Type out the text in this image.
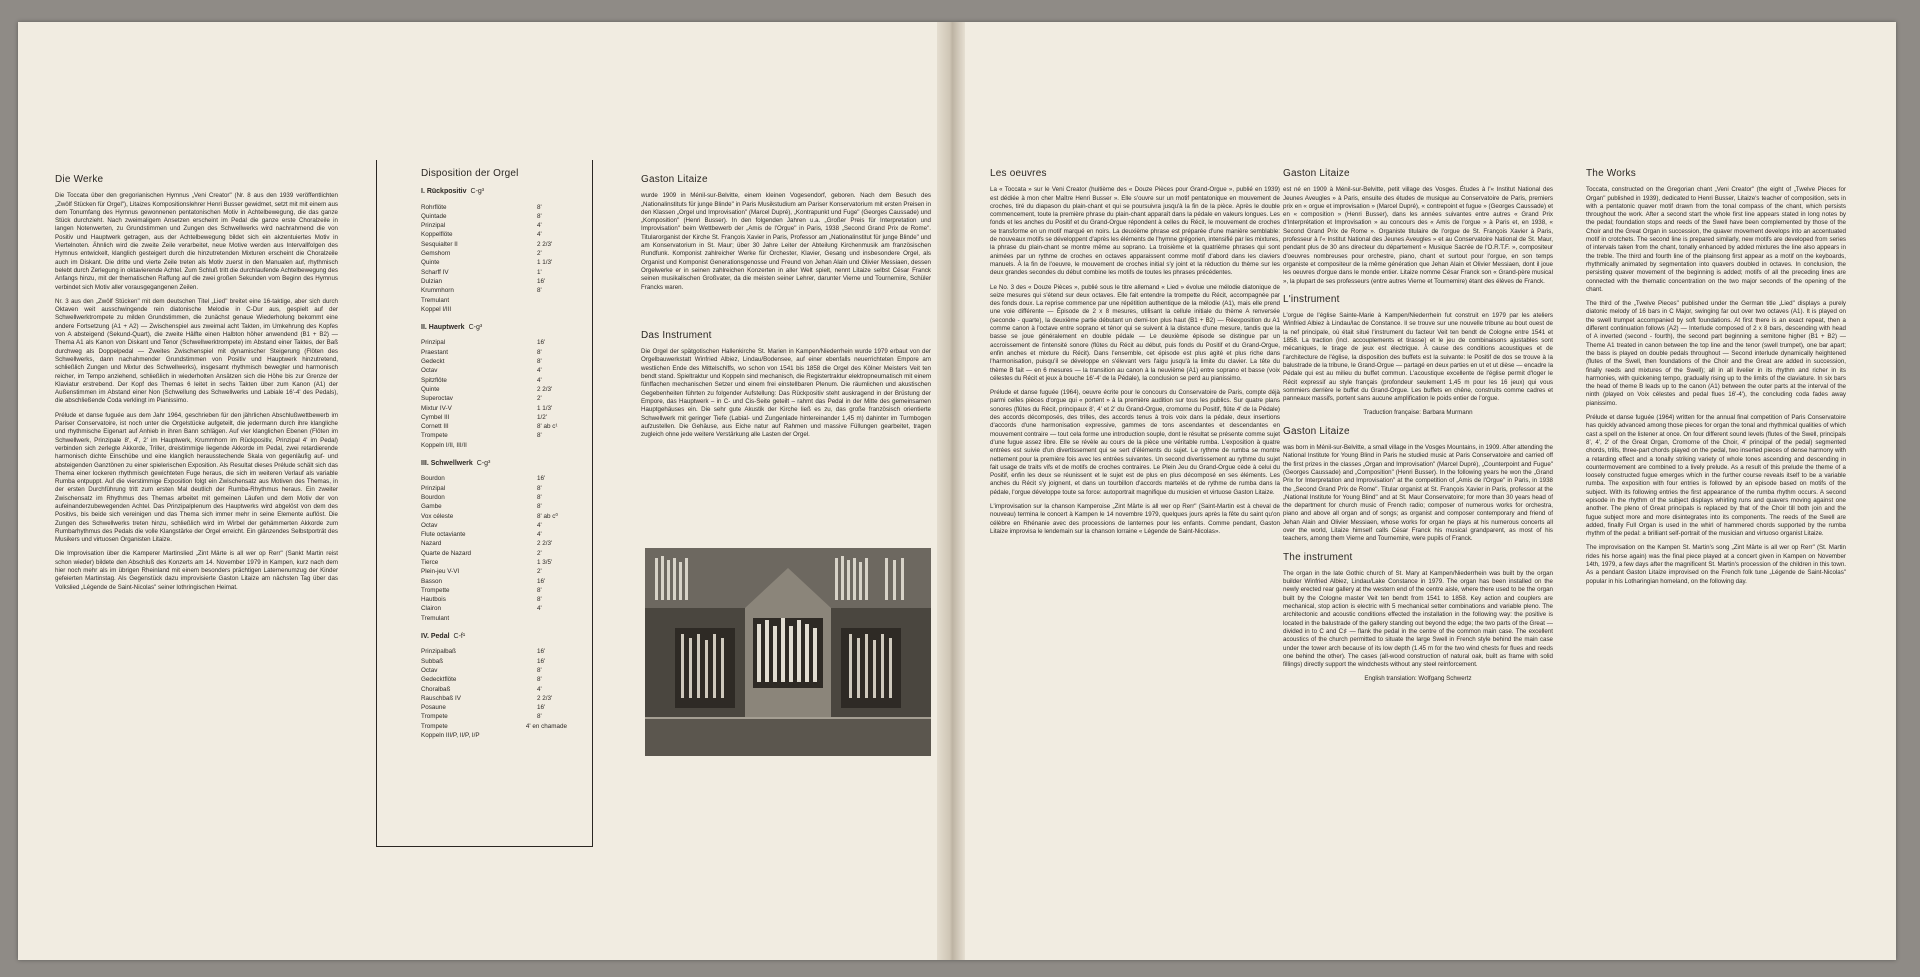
Die Werke

Die Toccata über den gregorianischen Hymnus „Veni Creator" (Nr. 8 aus den 1939 veröffentlichten „Zwölf Stücken für Orgel"), Litaizes Kompositionslehrer Henri Busser gewidmet, setzt mit mit einem aus dem Tonumfang des Hymnus gewonnenen pentatonischen Motiv in Achtelbewegung, die das ganze Stück durchzieht. Nach zweimaligem Ansetzen erscheint im Pedal die ganze erste Choralzeile in langen Notenwerten, zu Grundstimmen und Zungen des Schwellwerks wird nachrahmend die von Positiv und Hauptwerk getragen, aus der Achtelbewegung bildet sich ein akzentuiertes Motiv in Viertelnoten. Ähnlich wird die zweite Zeile verarbeitet, neue Motive werden aus Intervallfolgen des Hymnus entwickelt, klanglich gesteigert durch die hinzutretenden Mixturen erscheint die Choralzeile auch im Diskant. Die dritte und vierte Zeile treten als Motiv zuerst in den Manualen auf, rhythmisch belebt durch Zerlegung in oktavierende Achtel. Zum Schluß tritt die durchlaufende Achtelbewegung des Anfangs hinzu, mit der thematischen Raffung auf die zwei großen Sekunden vom Beginn des Hymnus verbindet sich Motiv aller vorausgegangenen Zeilen.

Nr. 3 aus den „Zwölf Stücken" mit dem deutschen Titel „Lied" breitet eine 16-taktige, aber sich durch Oktaven weit ausschwingende rein diatonische Melodie in C-Dur aus, gespielt auf der Schwellwerktrompete zu milden Grundstimmen, die zunächst genaue Wiederholung bekommt eine andere Fortsetzung (A1 + A2) — Zwischenspiel aus zweimal acht Takten, im Umkehrung des Kopfes von A absteigend (Sekund-Quart), die zweite Hälfte einen Halbton höher anwendend (B1 + B2) — Thema A1 als Kanon von Diskant und Tenor (Schwellwerktrompete) im Abstand einer Taktes, der Baß durchweg als Doppelpedal — Zweites Zwischenspiel mit dynamischer Steigerung (Flöten des Schwellwerks, dann nachahmender Grundstimmen von Positiv und Hauptwerk hinzutretend, schließlich Zungen und Mixtur des Schwellwerks), insgesamt rhythmisch bewegter und harmonisch reicher, im Tempo anziehend, schließlich in wiederholten Ansätzen sich die Höhe bis zur Grenze der Klaviatur erstrebend. Der Kopf des Themas 6 leitet in sechs Takten über zum Kanon (A1) der Außenstimmen im Abstand einer Non (Schwellung des Schwellwerks und Labiale 16'-4' des Pedals), die abschließende Coda verklingt im Pianissimo.

Prélude et danse fuguée aus dem Jahr 1964, geschrieben für den jährlichen Abschlußwettbewerb im Pariser Conservatoire, ist noch unter die Orgelstücke aufgeteilt, die jedermann durch ihre klangliche und rhythmische Eigenart auf Anhieb in ihren Bann schlägen. Auf vier klanglichen Ebenen (Flöten im Schwellwerk, Prinzipale 8', 4', 2' im Hauptwerk, Krummhorn im Rückpositiv, Prinzipal 4' im Pedal) verbinden sich zerlegte Akkorde, Triller, dreistimmige liegende Akkorde im Pedal, zwei retardierende harmonisch dichte Einschübe und eine klanglich herausstechende Skala von gegenläufig auf- und absteigenden Ganztönen zu einer spielerischen Exposition. Als Resultat dieses Prélude schält sich das Thema einer lockeren rhythmisch gewichteten Fuge heraus, die sich im weiteren Verlauf als variable Rumba entpuppt. Auf die vierstimmige Exposition folgt ein Zwischensatz aus Motiven des Themas, in der ersten Durchführung tritt zum ersten Mal deutlich der Rumba-Rhythmus heraus. Ein zweiter Zwischensatz im Rhythmus des Themas arbeitet mit gemeinen Läufen und dem Motiv der von aufeinanderzubewegenden Achtel. Das Prinzipalplenum des Hauptwerks wird abgelöst von dem des Positivs, bis beide sich vereinigen und das Thema sich immer mehr in seine Elemente auflöst. Die Zungen des Schwellwerks treten hinzu, schließlich wird im Wirbel der gehämmerten Akkorde zum Rumbarhythmus des Pedals die volle Klangstärke der Orgel erreicht. Ein glänzendes Selbstporträt des Musikers und virtuosen Organisten Litaize.

Die Improvisation über die Kamperer Martinslied „Zint Märte is all wer op Rerr" (Sankt Martin reist schon wieder) bildete den Abschluß des Konzerts am 14. November 1979 in Kampen, kurz nach dem hier noch mehr als im übrigen Rheinland mit einem besonders prächtigen Laternenumzug der Kinder gefeierten Martinstag. Als Gegenstück dazu improvisierte Gaston Litaize am nächsten Tag über das Volkslied „Légende de Saint-Nicolas" seiner lothringischen Heimat.

Disposition der Orgel
I. Rückpositiv C-g³
Rohrflöte	8'
Quintade	8'
Prinzipal	4'
Koppelflöte	4'
Sesquialter II	2 2/3'
Gemshorn	2'
Quinte	1 1/3'
Scharff IV	1'
Dulzian	16'
Krummhorn	8'
Tremulant
Koppel I/III
II. Hauptwerk C-g³
Prinzipal	16'
Praestant	8'
Gedeckt	8'
Octav	4'
Spitzflöte	4'
Quinte	2 2/3'
Superoctav	2'
Mixtur IV-V	1 1/3'
Cymbel III	1/2'
Cornett III	8' ab c¹
Trompete	8'
Koppeln I/II, III/II
III. Schwellwerk C-g³
Bourdon	16'
Prinzipal	8'
Bourdon	8'
Gambe	8'
Vox céleste	8' ab c⁰
Octav	4'
Flute octaviante	4'
Nazard	2 2/3'
Quarte de Nazard	2'
Tierce	1 3/5'
Plein-jeu V-VI	2'
Basson	16'
Trompette	8'
Hautbois	8'
Clairon	4'
Tremulant
IV. Pedal C-f¹
Prinzipalbaß	16'
Subbaß	16'
Octav	8'
Gedecktflöte	8'
Choralbaß	4'
Rauschbaß IV	2 2/3'
Posaune	16'
Trompete	8'
Trompete	4' en chamade
Koppeln III/P, II/P, I/P
Gaston Litaize

wurde 1909 in Ménil-sur-Belvitte, einem kleinen Vogesendorf, geboren. Nach dem Besuch des „Nationalinstituts für junge Blinde" in Paris Musikstudium am Pariser Konservatorium mit ersten Preisen in den Klassen „Orgel und Improvisation" (Marcel Dupré), „Kontrapunkt und Fuge" (Georges Caussade) und „Komposition" (Henri Busser). In den folgenden Jahren u.a. „Großer Preis für Interpretation und Improvisation" beim Wettbewerb der „Amis de l'Orgue" in Paris, 1938 „Second Grand Prix de Rome". Titularorganist der Kirche St. François Xavier in Paris, Professor am „Nationalinstitut für junge Blinde" und am Konservatorium in St. Maur; über 30 Jahre Leiter der Abteilung Kirchenmusik am französischen Rundfunk. Komponist zahlreicher Werke für Orchester, Klavier, Gesang und insbesondere Orgel, als Organist und Komponist Generationsgenosse und Freund von Jehan Alain und Olivier Messiaen, dessen Orgelwerke er in seinen zahlreichen Konzerten in aller Welt spielt, nennt Litaize selbst César Franck seinen musikalischen Großvater, da die meisten seiner Lehrer, darunter Vierne und Tournemire, Schüler Francks waren.

Das Instrument

Die Orgel der spätgotischen Hallenkirche St. Marien in Kampen/Niederrhein wurde 1979 erbaut von der Orgelbauwerkstatt Winfried Albiez, Lindau/Bodensee, auf einer ebenfalls neuerrichteten Empore am westlichen Ende des Mittelschiffs, wo schon von 1541 bis 1858 die Orgel des Kölner Meisters Veit ten bendt stand. Spieltraktur und Koppeln sind mechanisch, die Registertraktur elektropneumatisch mit einem fünffachen mechanischen Setzer und einem frei einstellbaren Plenum. Die räumlichen und akustischen Gegebenheiten führten zu folgender Aufstellung: Das Rückpositiv steht auskragend in der Brüstung der Empore, das Hauptwerk – in C- und Cis-Seite geteilt – rahmt das Pedal in der Mitte des gemeinsamen Hauptgehäuses ein. Die sehr gute Akustik der Kirche ließ es zu, das große französisch orientierte Schwellwerk mit geringer Tiefe (Labial- und Zungenlade hintereinander 1,45 m) dahinter im Turmbogen aufzustellen. Die Gehäuse, aus Eiche natur auf Rahmen und massive Füllungen gearbeitet, tragen zugleich ohne jede weitere Verstärkung alle Lasten der Orgel.

Les oeuvres

La « Toccata » sur le Veni Creator (huitième des « Douze Pièces pour Grand-Orgue », publié en 1939) est dédiée à mon cher Maître Henri Busser ». Elle s'ouvre sur un motif pentatonique en mouvement de croches, tiré du diapason du plain-chant et qui se poursuivra jusqu'à la fin de la pièce. Après le double commencement, toute la première phrase du plain-chant apparaît dans la pédale en valeurs longues. Les fonds et les anches du Positif et du Grand-Orgue répondent à celles du Récit, le mouvement de croches se transforme en un motif marqué en noirs. La deuxième phrase est préparée d'une manière semblable: de nouveaux motifs se développent d'après les éléments de l'hymne grégorien, intensifié par les mixtures, la phrase du plain-chant se montre même au soprano. La troisième et la quatrième phrases qui sont animées par un rythme de croches en octaves apparaissent comme motif d'abord dans les claviers manuels. À la fin de l'oeuvre, le mouvement de croches initial s'y joint et la réduction du thème sur les deux grandes secondes du début combine les motifs de toutes les phrases précédentes.

Le No. 3 des « Douze Pièces », publié sous le titre allemand « Lied » évolue une mélodie diatonique de seize mesures qui s'étend sur deux octaves. Elle fait entendre la trompette du Récit, accompagnée par des fonds doux. La reprise commence par une répétition authentique de la mélodie (A1), mais elle prend une voie différente — Épisode de 2 x 8 mesures, utilisant la cellule initiale du thème A renversée (seconde - quarte), la deuxième partie débutant un demi-ton plus haut (B1 + B2) — Réexposition du A1 comme canon à l'octave entre soprano et ténor qui se suivent à la distance d'une mesure, tandis que la basse se joue généralement en double pédale — Le deuxième épisode se distingue par un accroissement de l'intensité sonore (flûtes du Récit au début, puis fonds du Positif et du Grand-Orgue, enfin anches et mixture du Récit). Dans l'ensemble, cet épisode est plus agité et plus riche dans l'harmonisation, puisqu'il se développe en s'élevant vers l'aigu jusqu'à la limite du clavier. La tête du thème B fait — en 6 mesures — la transition au canon à la neuvième (A1) entre soprano et basse (voix célestes du Récit et jeux à bouche 16'-4' de la Pédale), la conclusion se perd au pianissimo.

Prélude et danse fuguée (1964), oeuvre écrite pour le concours du Conservatoire de Paris, compte déjà parmi celles pièces d'orgue qui « portent » à la première audition sur tous les publics. Sur quatre plans sonores (flûtes du Récit, principaux 8', 4' et 2' du Grand-Orgue, cromorne du Positif, flûte 4' de la Pédale) des accords décomposés, des trilles, des accords tenus à trois voix dans la pédale, deux insertions d'accords d'une harmonisation expressive, gammes de tons ascendantes et descendantes en mouvement contraire — tout cela forme une introduction souple, dont le résultat se présente comme sujet d'une fugue assez libre. Elle se révèle au cours de la pièce une véritable rumba. L'exposition à quatre entrées est suivie d'un divertissement qui se sert d'éléments du sujet. Le rythme de rumba se montre nettement pour la première fois avec les entrées suivantes. Un second divertissement au rythme du sujet fait usage de traits vifs et de motifs de croches contraires. Le Plein Jeu du Grand-Orgue cède à celui du Positif, enfin les deux se réunissent et le sujet est de plus en plus décomposé en ses éléments. Les anches du Récit s'y joignent, et dans un tourbillon d'accords martelés et de rythme de rumba dans la pédale, l'orgue développe toute sa force: autoportrait magnifique du musicien et virtuose Gaston Litaize.

L'improvisation sur la chanson Kamperoise „Zint Märte is all wer op Rerr" (Saint-Martin est à cheval de nouveau) termina le concert à Kampen le 14 novembre 1979, quelques jours après la fête du saint qu'on célèbre en Rhénanie avec des processions de lanternes pour les enfants. Comme pendant, Gaston Litaize improvisa le lendemain sur la chanson lorraine « Légende de Saint-Nicolas».

Gaston Litaize

est né en 1909 à Ménil-sur-Belvitte, petit village des Vosges. Études à l'« Institut National des Jeunes Aveugles » à Paris, ensuite des études de musique au Conservatoire de Paris, premiers prix en « orgue et improvisation » (Marcel Dupré), « contrepoint et fugue » (Georges Caussade) et en « composition » (Henri Busser), dans les années suivantes entre autres « Grand Prix d'Interprétation et Improvisation » au concours des « Amis de l'orgue » à Paris et, en 1938, « Second Grand Prix de Rome ». Organiste titulaire de l'orgue de St. François Xavier à Paris, professeur à l'« Institut National des Jeunes Aveugles » et au Conservatoire National de St. Maur, pendant plus de 30 ans directeur du département « Musique Sacrée de l'O.R.T.F. », compositeur d'oeuvres nombreuses pour orchestre, piano, chant et surtout pour l'orgue, en son temps organiste et compositeur de la même génération que Jehan Alain et Olivier Messiaen, dont il joue les oeuvres d'orgue dans le monde entier. Litaize nomme César Franck son « Grand-père musical », la plupart de ses professeurs (entre autres Vierne et Tournemire) étant des élèves de Franck.

L'instrument

L'orgue de l'église Sainte-Marie à Kampen/Niederrhein fut construit en 1979 par les ateliers Winfried Albiez à Lindau/lac de Constance. Il se trouve sur une nouvelle tribune au bout ouest de la nef principale, où était situé l'instrument du facteur Veit ten bendt de Cologne entre 1541 et 1858. La traction (incl. accouplements et tirasse) et le jeu de combinaisons ajustables sont mécaniques, le tirage de jeux est électrique. À cause des conditions acoustiques et de l'architecture de l'église, la disposition des buffets est la suivante: le Positif de dos se trouve à la balustrade de la tribune, le Grand-Orgue — partagé en deux parties en ut et ut dièse — encadre la Pédale qui est au milieu du buffet commun. L'acoustique excellente de l'église permit d'loger le Récit expressif au style français (profondeur seulement 1,45 m pour les 16 jeux) qui vous sommiers derrière le buffet du Grand-Orgue. Les buffets en chêne, construits comme cadres et panneaux massifs, portent sans aucune amplification le poids entier de l'orgue.

Traduction française: Barbara Murmann

Gaston Litaize

was born in Ménil-sur-Belvitte, a small village in the Vosges Mountains, in 1909. After attending the National Institute for Young Blind in Paris he studied music at Paris Conservatoire and carried off the first prizes in the classes „Organ and Improvisation" (Marcel Dupré), „Counterpoint and Fugue" (Georges Caussade) and „Composition" (Henri Busser). In the following years he won the „Grand Prix for Interpretation and Improvisation" at the competition of „Amis de l'Orgue" in Paris, in 1938 the „Second Grand Prix de Rome". Titular organist at St. François Xavier in Paris, professor at the „National Institute for Young Blind" and at St. Maur Conservatoire; for more than 30 years head of the department for church music of French radio; composer of numerous works for orchestra, piano and above all organ and of songs; as organist and composer contemporary and friend of Jehan Alain and Olivier Messiaen, whose works for organ he plays at his numerous concerts all over the world, Litaize himself calls César Franck his musical grandparent, as most of his teachers, among them Vierne and Tournemire, were pupils of Franck.

The instrument

The organ in the late Gothic church of St. Mary at Kampen/Niederrhein was built by the organ builder Winfried Albiez, Lindau/Lake Constance in 1979. The organ has been installed on the newly erected rear gallery at the western end of the centre aisle, where there used to be the organ built by the Cologne master Veit ten bendt from 1541 to 1858. Key action and couplers are mechanical, stop action is electric with 5 mechanical setter combinations and variable pleno. The architectonic and acoustic conditions effected the installation in the following way: the positive is located in the balustrade of the gallery standing out beyond the edge; the two parts of the Great — divided in to C and C♯ — flank the pedal in the centre of the common main case. The excellent acoustics of the church permitted to situate the large Swell in French style behind the main case under the tower arch because of its low depth (1.45 m for the two wind chests for flues and reeds one behind the other). The cases (all-wood construction of natural oak, built as frame with solid fillings) directly support the windchests without any steel reinforcement.

English translation: Wolfgang Schwertz

The Works

Toccata, constructed on the Gregorian chant „Veni Creator" (the eight of „Twelve Pieces for Organ" published in 1939), dedicated to Henri Busser, Litaize's teacher of composition, sets in with a pentatonic quaver motif drawn from the tonal compass of the chant, which persists throughout the work. After a second start the whole first line appears stated in long notes by the pedal; foundation stops and reeds of the Swell have been complemented by those of the Choir and the Great Organ in succession, the quaver movement develops into an accentuated motif in crotchets. The second line is prepared similarly, new motifs are developed from series of intervals taken from the chant, tonally enhanced by added mixtures the line also appears in the treble. The third and fourth line of the plainsong first appear as a motif on the keyboards, rhythmically animated by segmentation into quavers doubled in octaves. In conclusion, the persisting quaver movement of the beginning is added; motifs of all the preceding lines are connected with the thematic concentration on the two major seconds of the opening of the chant.

The third of the „Twelve Pieces" published under the German title „Lied" displays a purely diatonic melody of 16 bars in C Major, swinging far out over two octaves (A1). It is played on the swell trumpet accompanied by soft foundations. At first there is an exact repeat, then a different continuation follows (A2) — Interlude composed of 2 x 8 bars, descending with head of A inverted (second - fourth), the second part beginning a semitone higher (B1 + B2) — Theme A1 treated in canon between the top line and the tenor (swell trumpet), one bar apart; the bass is played on double pedals throughout — Second interlude dynamically heightened (flutes of the Swell, then foundations of the Choir and the Great are added in succession, finally reeds and mixtures of the Swell); all in all livelier in its rhythm and richer in its harmonies, with quickening tempo, gradually rising up to the limits of the claviature. In six bars the head of theme B leads up to the canon (A1) between the outer parts at the interval of the ninth (played on Voix célestes and pedal flues 16'-4'), the concluding coda fades away pianissimo.

Prélude et danse fuguée (1964) written for the annual final competition of Paris Conservatoire has quickly advanced among those pieces for organ the tonal and rhythmical qualities of which cast a spell on the listener at once. On four different sound levels (flutes of the Swell, principals 8', 4', 2' of the Great Organ, Cromorne of the Choir, 4' principal of the pedal) segmented chords, trills, three-part chords played on the pedal, two inserted pieces of dense harmony with a retarding effect and a tonally striking variety of whole tones ascending and descending in countermovement are combined to a lively prelude. As a result of this prelude the theme of a loosely constructed fugue emerges which in the further course reveals itself to be a variable rumba. The exposition with four entries is followed by an episode based on motifs of the subject. With its following entries the first appearance of the rumba rhythm occurs. A second episode in the rhythm of the subject displays whirling runs and quavers moving against one another. The pleno of Great principals is replaced by that of the Choir till both join and the fugue subject more and more disintegrates into its components. The reeds of the Swell are added, finally Full Organ is used in the whirl of hammered chords supported by the rumba rhythm of the pedal: a brilliant self-portrait of the musician and virtuoso organist Litaize.

The improvisation on the Kampen St. Martin's song „Zint Märte is all wer op Rerr" (St. Martin rides his horse again) was the final piece played at a concert given in Kampen on November 14th, 1979, a few days after the magnificent St. Martin's procession of the children in this town. As a pendant Gaston Litaize improvised on the French folk tune „Légende de Saint-Nicolas" popular in his Lotharingian homeland, on the following day.
